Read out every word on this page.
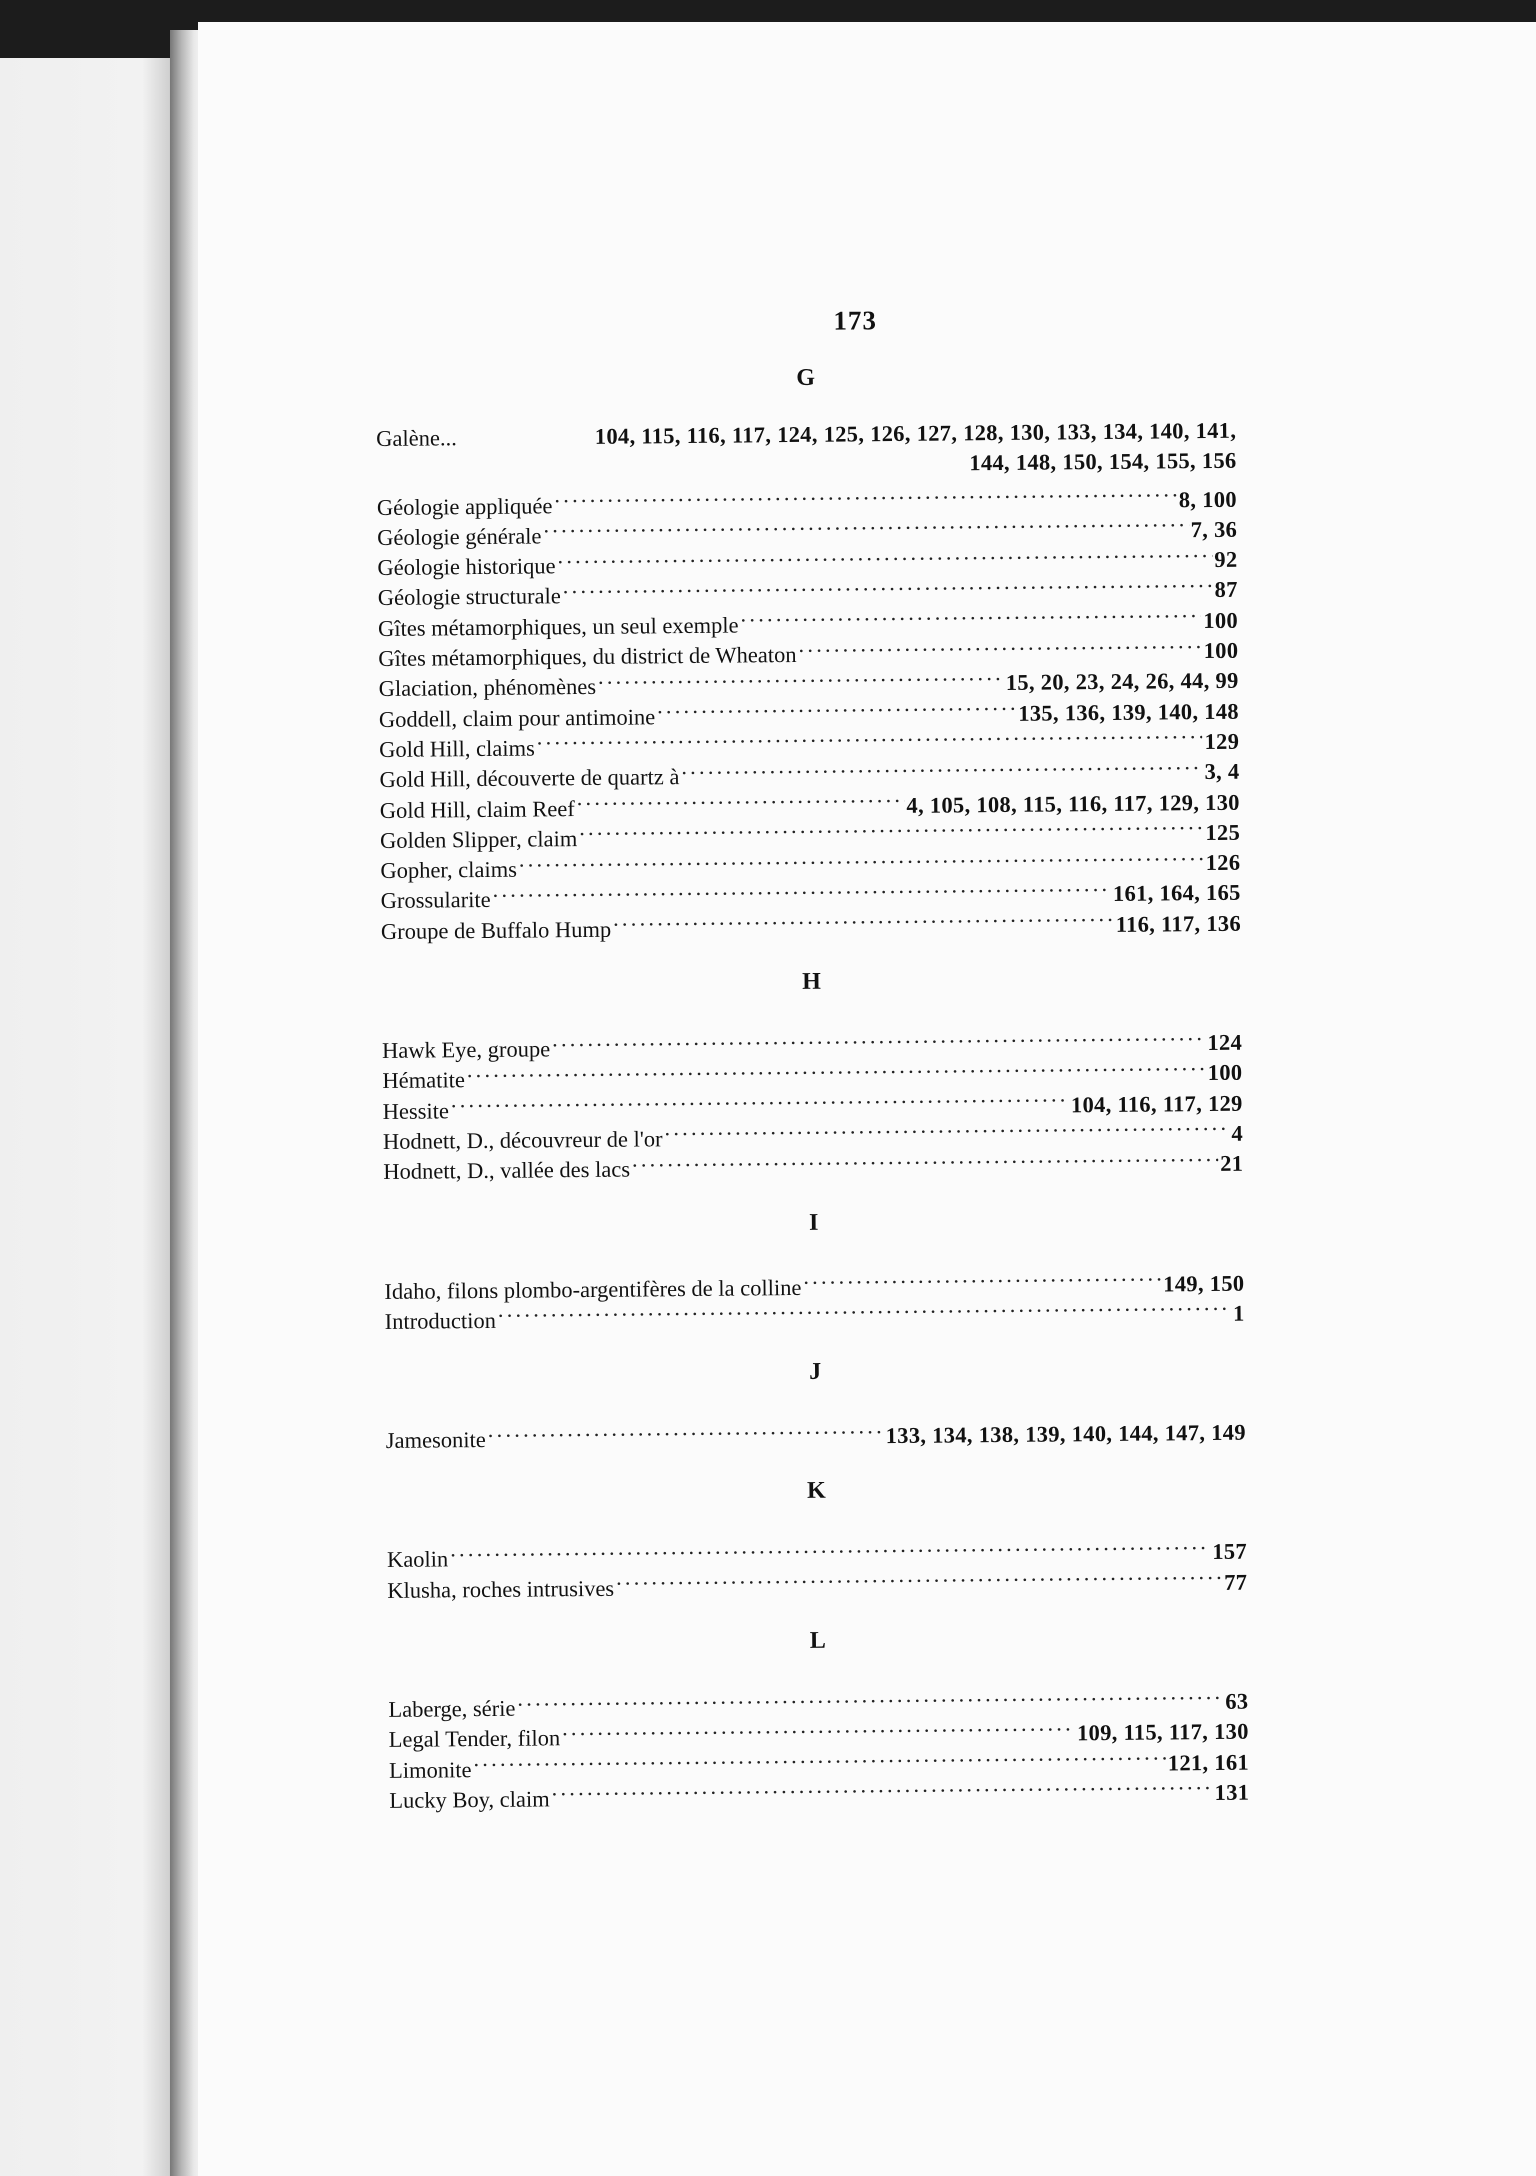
173
G
Galène...	104, 115, 116, 117, 124, 125, 126, 127, 128, 130, 133, 134, 140, 141,
144, 148, 150, 154, 155, 156
Géologie appliquée .....	8, 100
Géologie générale .....	7, 36
Géologie historique .....	92
Géologie structurale .....	87
Gîtes métamorphiques, un seul exemple .....	100
Gîtes métamorphiques, du district de Wheaton .....	100
Glaciation, phénomènes .....	15, 20, 23, 24, 26, 44, 99
Goddell, claim pour antimoine .....	135, 136, 139, 140, 148
Gold Hill, claims .....	129
Gold Hill, découverte de quartz à .....	3, 4
Gold Hill, claim Reef .....	4, 105, 108, 115, 116, 117, 129, 130
Golden Slipper, claim .....	125
Gopher, claims .....	126
Grossularite .....	161, 164, 165
Groupe de Buffalo Hump .....	116, 117, 136
H
Hawk Eye, groupe .....	124
Hématite .....	100
Hessite .....	104, 116, 117, 129
Hodnett, D., découvreur de l'or .....	4
Hodnett, D., vallée des lacs .....	21
I
Idaho, filons plombo-argentifères de la colline .....	149, 150
Introduction .....	1
J
Jamesonite .....	133, 134, 138, 139, 140, 144, 147, 149
K
Kaolin .....	157
Klusha, roches intrusives .....	77
L
Laberge, série .....	63
Legal Tender, filon .....	109, 115, 117, 130
Limonite .....	121, 161
Lucky Boy, claim .....	131
